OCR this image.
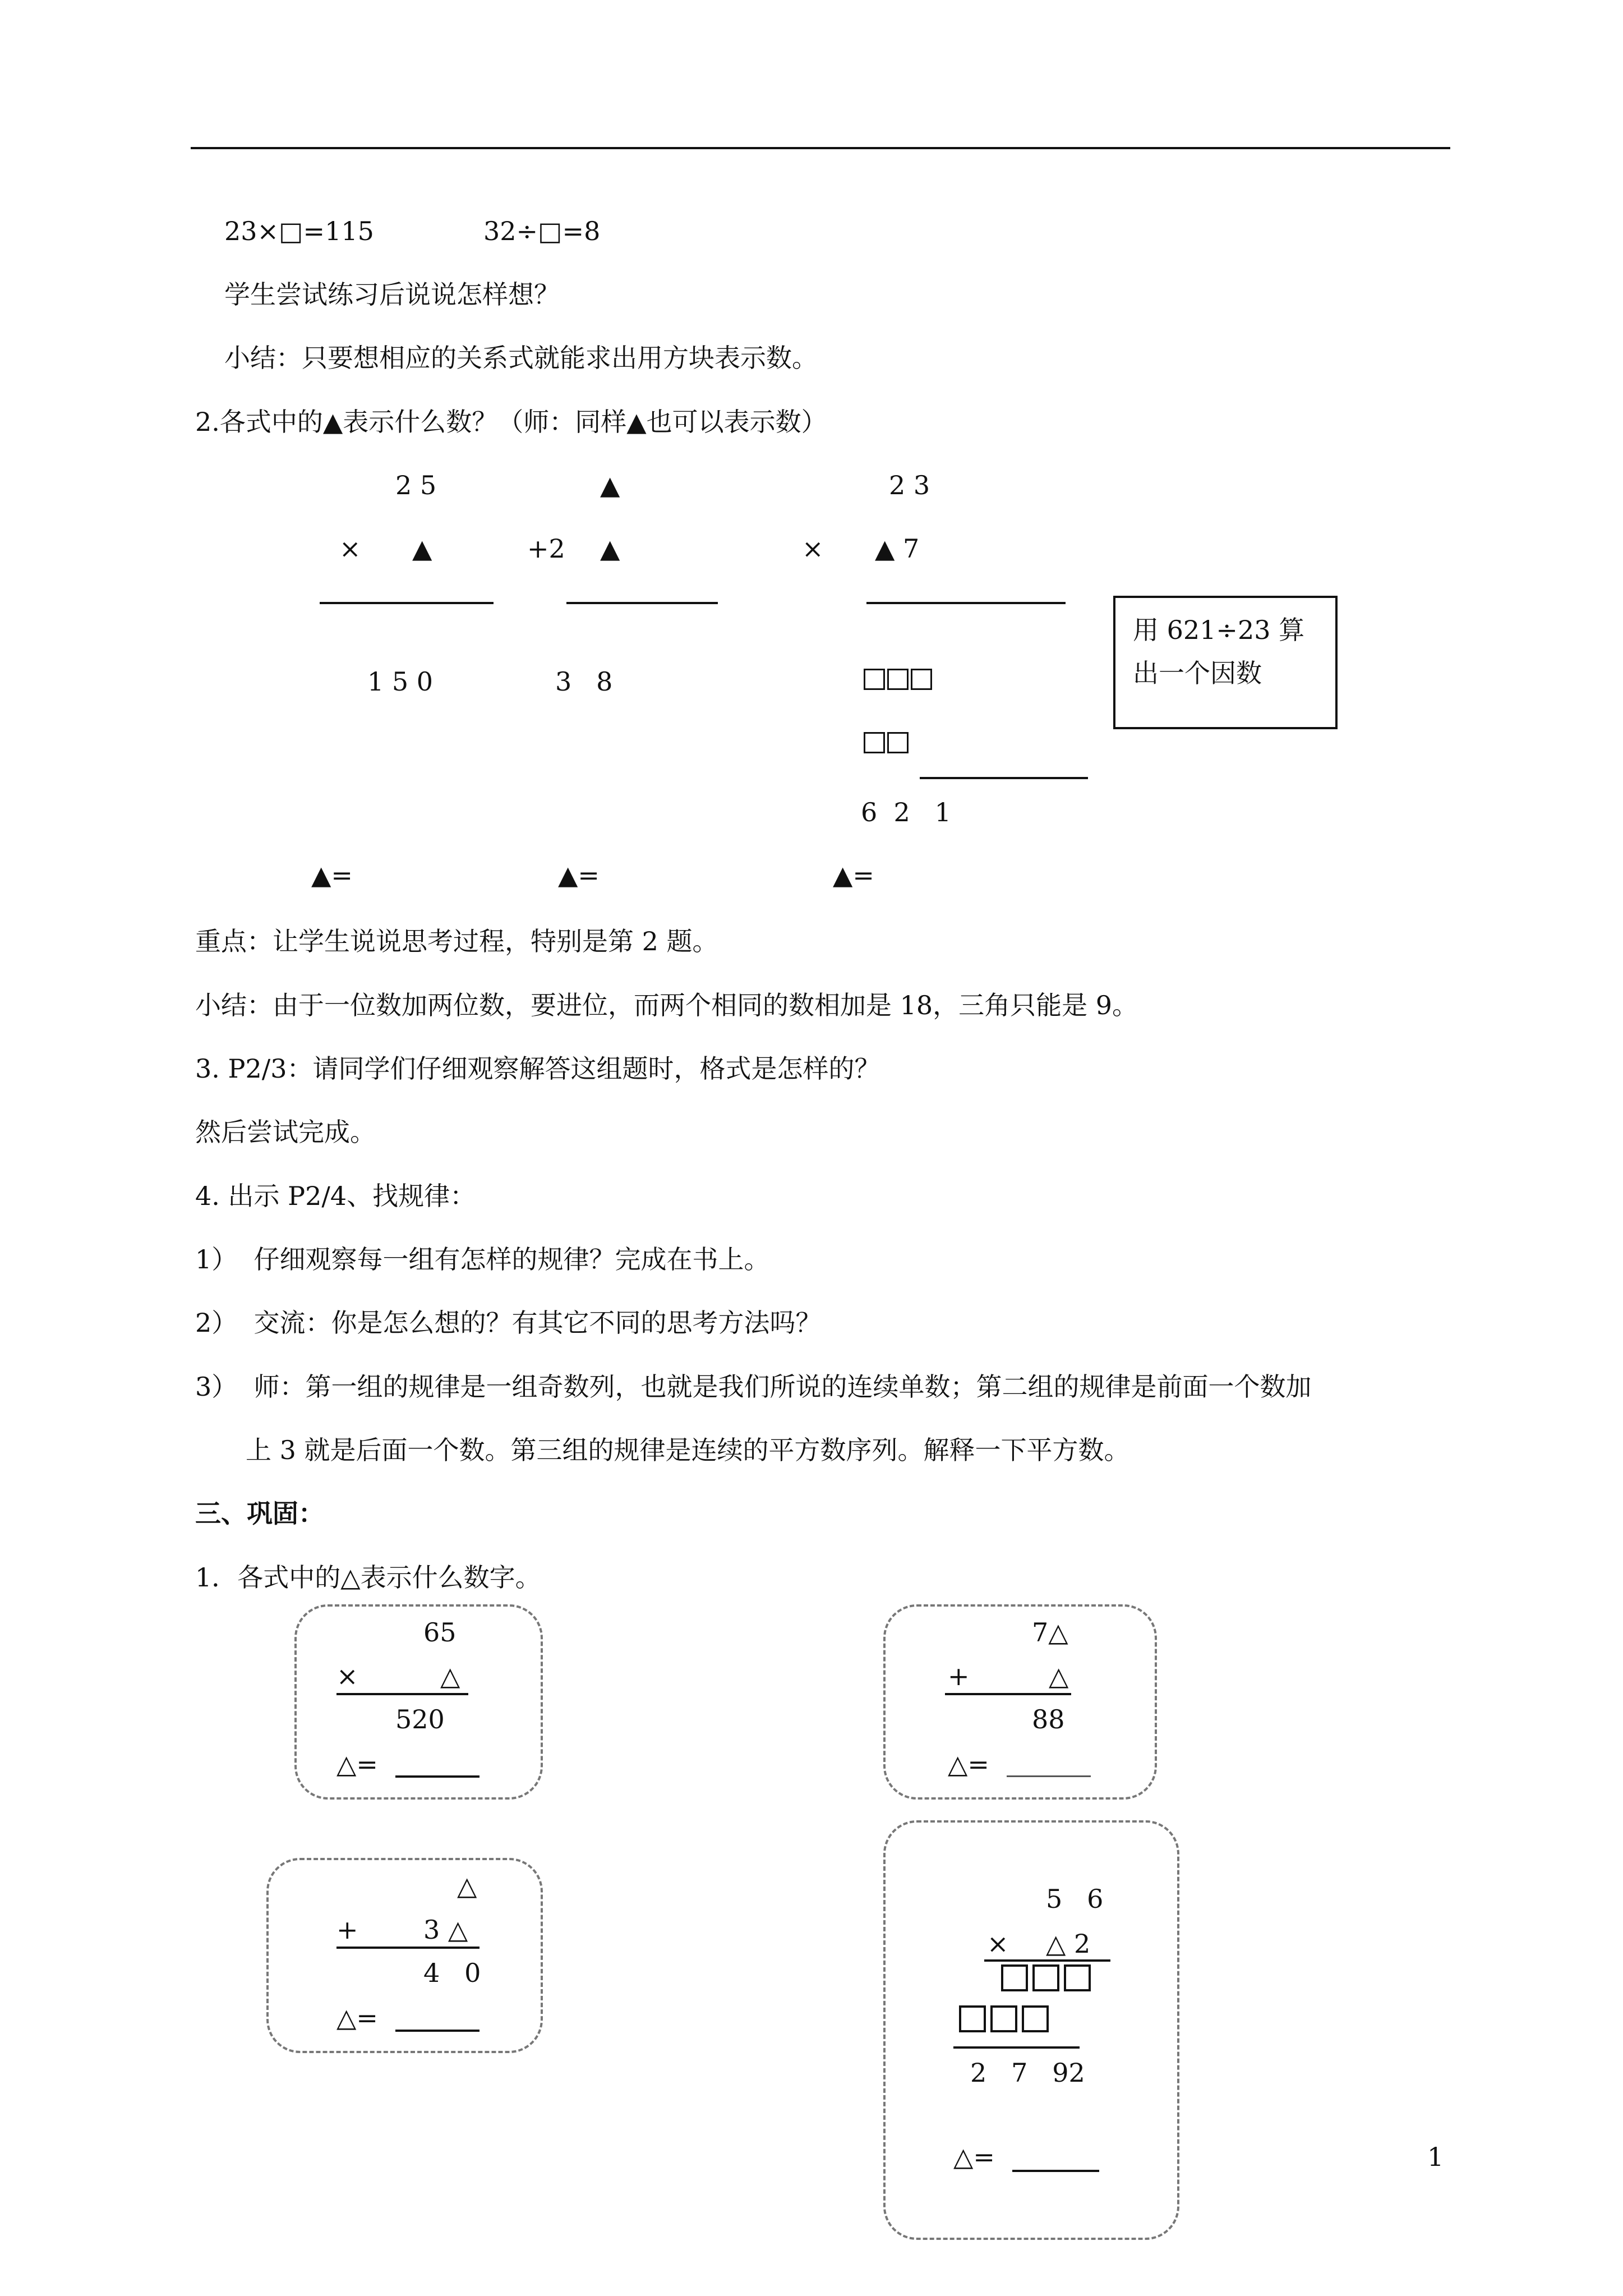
23×□=115	32÷□=8
学生尝试练习后说说怎样想？
小结：只要想相应的关系式就能求出用方块表示数。
2.各式中的▲表示什么数？（师：同样▲也可以表示数）
2 5
× ▲
1 5 0
▲=
▲
+2 ▲
3   8
▲=
2 3
× ▲ 7
6  2   1
▲=
用 621÷23 算
出一个因数
重点：让学生说说思考过程，特别是第 2 题。
小结：由于一位数加两位数，要进位，而两个相同的数相加是 18，三角只能是 9。
3. P2/3：请同学们仔细观察解答这组题时，格式是怎样的？
然后尝试完成。
4. 出示 P2/4、找规律：
1）  仔细观察每一组有怎样的规律？完成在书上。
2）  交流：你是怎么想的？有其它不同的思考方法吗？
3）  师：第一组的规律是一组奇数列，也就是我们所说的连续单数；第二组的规律是前面一个数加
上 3 就是后面一个数。第三组的规律是连续的平方数序列。解释一下平方数。
三、巩固：
1．各式中的△表示什么数字。
65
×	△
520
△=
7△
+	△
88
△=
△
+	3 △
4   0
△=
5   6
× △ 2
2   7   92
△=	1
